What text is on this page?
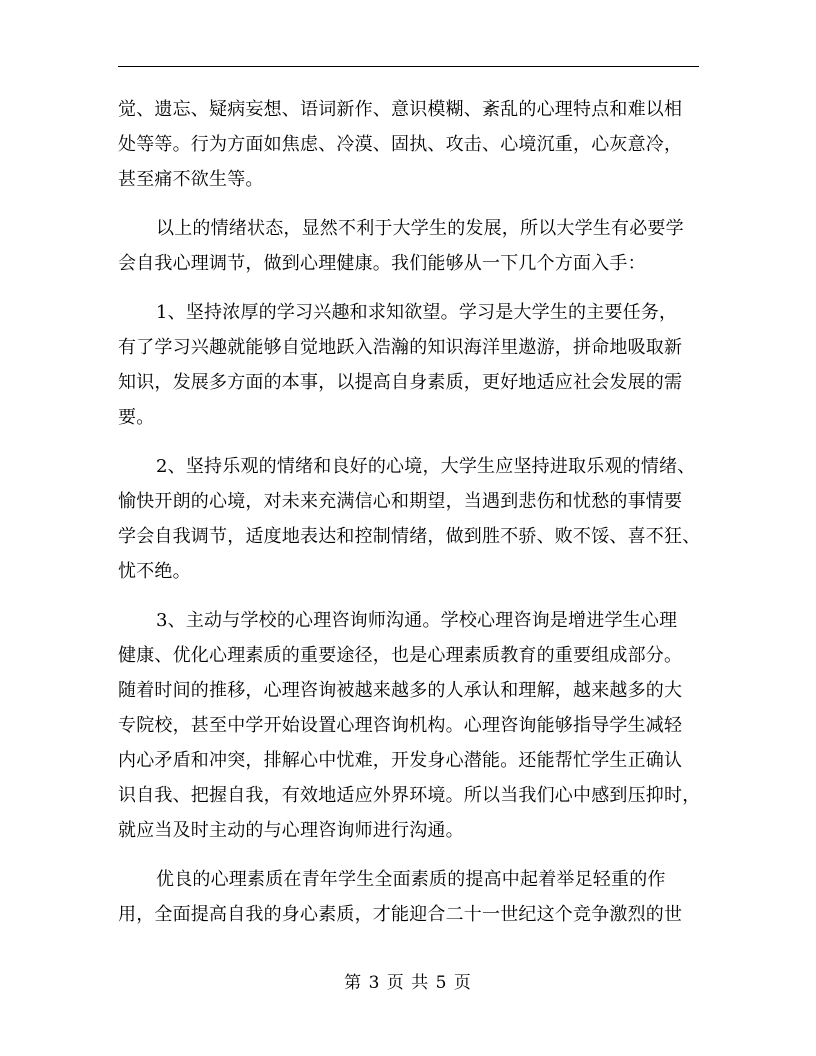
觉、遗忘、疑病妄想、语词新作、意识模糊、紊乱的心理特点和难以相
处等等。行为方面如焦虑、冷漠、固执、攻击、心境沉重，心灰意冷，
甚至痛不欲生等。
以上的情绪状态，显然不利于大学生的发展，所以大学生有必要学
会自我心理调节，做到心理健康。我们能够从一下几个方面入手：
1、坚持浓厚的学习兴趣和求知欲望。学习是大学生的主要任务，
有了学习兴趣就能够自觉地跃入浩瀚的知识海洋里遨游，拼命地吸取新
知识，发展多方面的本事，以提高自身素质，更好地适应社会发展的需
要。
2、坚持乐观的情绪和良好的心境，大学生应坚持进取乐观的情绪、
愉快开朗的心境，对未来充满信心和期望，当遇到悲伤和忧愁的事情要
学会自我调节，适度地表达和控制情绪，做到胜不骄、败不馁、喜不狂、
忧不绝。
3、主动与学校的心理咨询师沟通。学校心理咨询是增进学生心理
健康、优化心理素质的重要途径，也是心理素质教育的重要组成部分。
随着时间的推移，心理咨询被越来越多的人承认和理解，越来越多的大
专院校，甚至中学开始设置心理咨询机构。心理咨询能够指导学生减轻
内心矛盾和冲突，排解心中忧难，开发身心潜能。还能帮忙学生正确认
识自我、把握自我，有效地适应外界环境。所以当我们心中感到压抑时，
就应当及时主动的与心理咨询师进行沟通。
优良的心理素质在青年学生全面素质的提高中起着举足轻重的作
用，全面提高自我的身心素质，才能迎合二十一世纪这个竞争激烈的世
第 3 页 共 5 页
